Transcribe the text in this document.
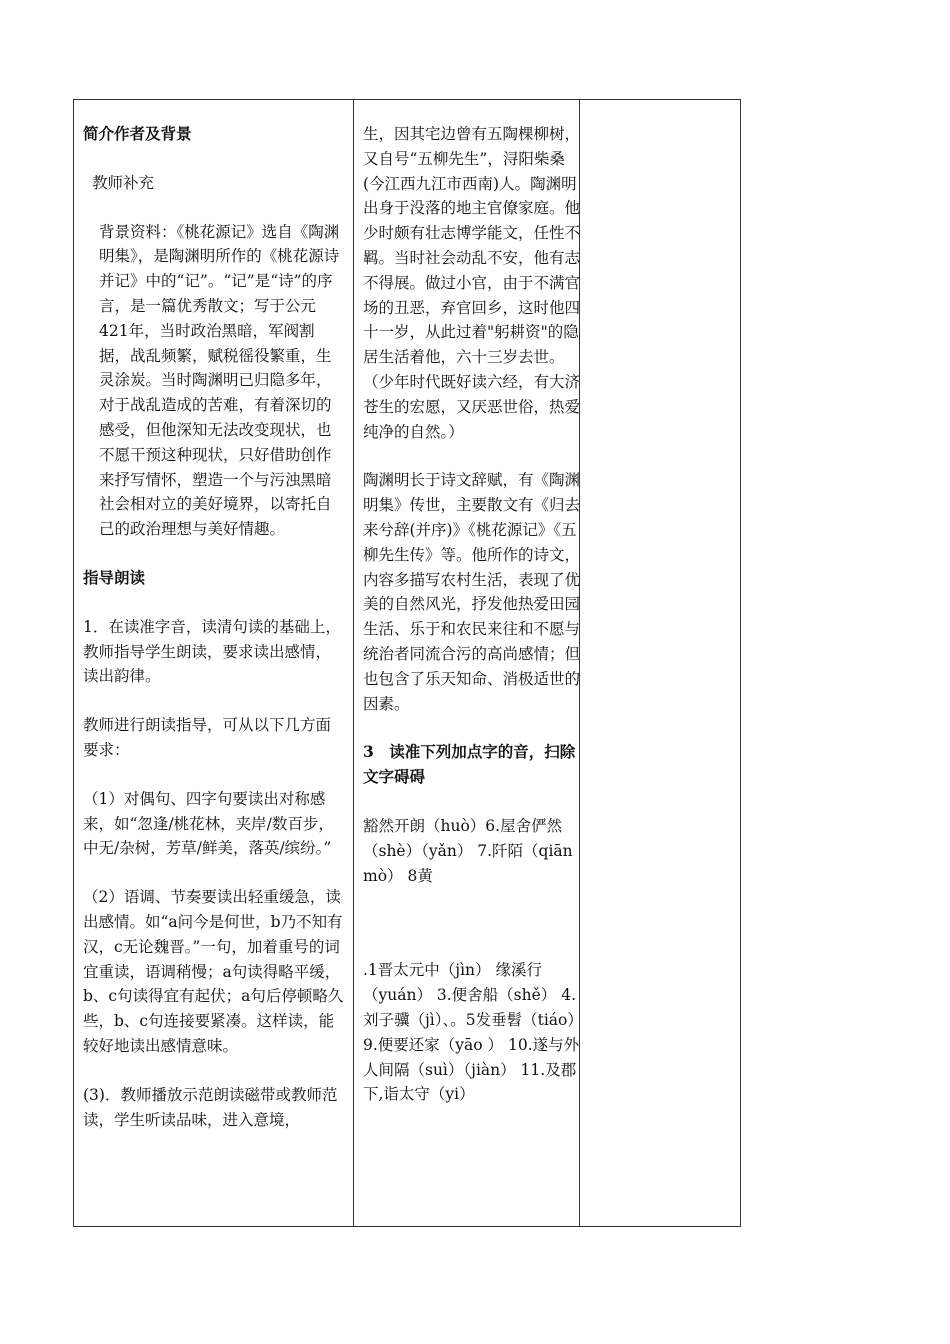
简介作者及背景

教师补充

背景资料：《桃花源记》选自《陶渊明集》，是陶渊明所作的《桃花源诗并记》中的“记”。“记”是“诗”的序言，是一篇优秀散文；写于公元421年，当时政治黑暗，军阀割据，战乱频繁，赋税徭役繁重，生灵涂炭。当时陶渊明已归隐多年，对于战乱造成的苦难，有着深切的感受，但他深知无法改变现状，也不愿干预这种现状，只好借助创作来抒写情怀，塑造一个与污浊黑暗社会相对立的美好境界，以寄托自己的政治理想与美好情趣。

指导朗读

1．在读准字音，读清句读的基础上，教师指导学生朗读，要求读出感情，读出韵律。

教师进行朗读指导，可从以下几方面要求：

（1）对偶句、四字句要读出对称感来，如“忽逢/桃花林，夹岸/数百步，中无/杂树，芳草/鲜美，落英/缤纷。”

（2）语调、节奏要读出轻重缓急，读出感情。如“a问今是何世，b乃不知有汉，c无论魏晋。”一句，加着重号的词宜重读，语调稍慢；a句读得略平缓，b、c句读得宜有起伏；a句后停顿略久些，b、c句连接要紧凑。这样读，能较好地读出感情意味。

(3)．教师播放示范朗读磁带或教师范读，学生听读品味，进入意境，

生，因其宅边曾有五陶棵柳树，又自号“五柳先生”，浔阳柴桑(今江西九江市西南)人。陶渊明出身于没落的地主官僚家庭。他少时颇有壮志博学能文，任性不羁。当时社会动乱不安，他有志不得展。做过小官，由于不满官场的丑恶，弃官回乡，这时他四十一岁，从此过着"躬耕资"的隐居生活着他，六十三岁去世。（少年时代既好读六经，有大济苍生的宏愿，又厌恶世俗，热爱纯净的自然。）

陶渊明长于诗文辞赋，有《陶渊明集》传世，主要散文有《归去来兮辞(并序)》《桃花源记》《五柳先生传》等。他所作的诗文，内容多描写农村生活，表现了优美的自然风光，抒发他热爱田园生活、乐于和农民来往和不愿与统治者同流合污的高尚感情；但也包含了乐天知命、消极适世的因素。

3　读准下列加点字的音，扫除文字碍碍

豁然开朗（huò）6.屋舍俨然（shè）（yǎn） 7.阡陌（qiān mò） 8黄

.1晋太元中（jìn） 缘溪行（yuán） 3.便舍船（shě） 4. 刘子骥（jì）、。5发垂髫（tiáo）9.便要还家（yāo ） 10.遂与外人间隔（suì）（jiàn） 11.及郡下,诣太守（yi）
